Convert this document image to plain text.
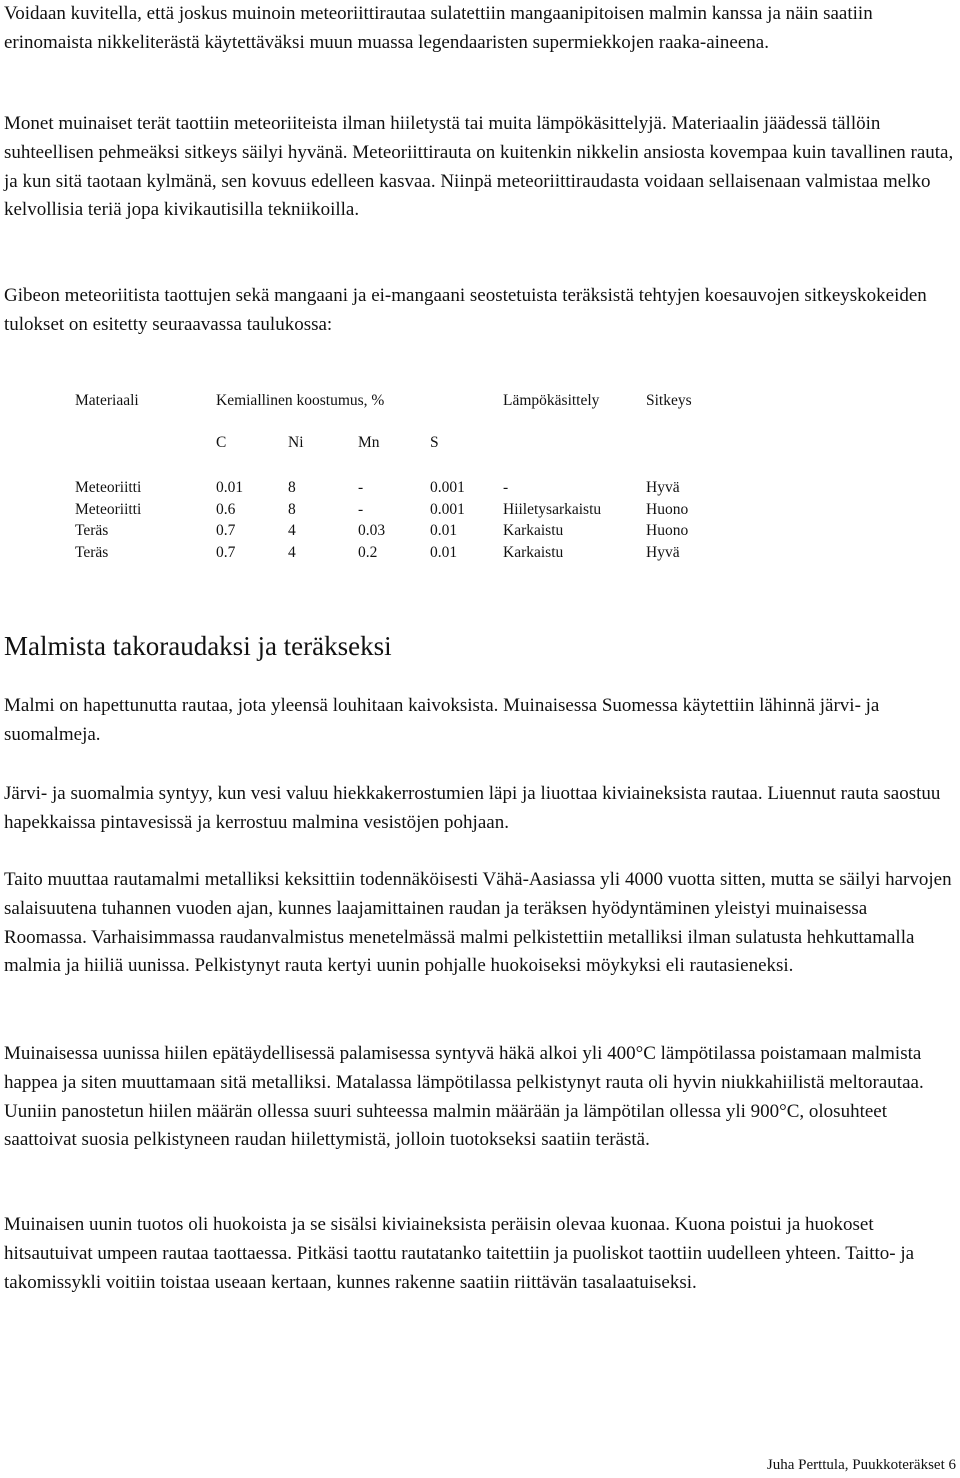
Voidaan kuvitella, että joskus muinoin meteoriittirautaa sulatettiin mangaanipitoisen malmin kanssa ja näin saatiin erinomaista nikkeliterästä käytettäväksi muun muassa legendaaristen supermiekkojen raaka-aineena.

Monet muinaiset terät taottiin meteoriiteista ilman hiiletystä tai muita lämpökäsittelyjä. Materiaalin jäädessä tällöin suhteellisen pehmeäksi sitkeys säilyi hyvänä. Meteoriittirauta on kuitenkin nikkelin ansiosta kovempaa kuin tavallinen rauta, ja kun sitä taotaan kylmänä, sen kovuus edelleen kasvaa. Niinpä meteoriittiraudasta voidaan sellaisenaan valmistaa melko kelvollisia teriä jopa kivikautisilla tekniikoilla.

Gibeon meteoriitista taottujen sekä mangaani ja ei-mangaani seostetuista teräksistä tehtyjen koesauvojen sitkeyskokeiden tulokset on esitetty seuraavassa taulukossa:

Materiaali	Kemiallinen koostumus, %				Lämpökäsittely	Sitkeys
	C	Ni	Mn	S		
Meteoriitti	0.01	8	-	0.001	-	Hyvä
Meteoriitti	0.6	8	-	0.001	Hiiletysarkaistu	Huono
Teräs	0.7	4	0.03	0.01	Karkaistu	Huono
Teräs	0.7	4	0.2	0.01	Karkaistu	Hyvä
Malmista takoraudaksi ja teräkseksi

Malmi on hapettunutta rautaa, jota yleensä louhitaan kaivoksista. Muinaisessa Suomessa käytettiin lähinnä järvi- ja suomalmeja.

Järvi- ja suomalmia syntyy, kun vesi valuu hiekkakerrostumien läpi ja liuottaa kiviaineksista rautaa. Liuennut rauta saostuu hapekkaissa pintavesissä ja kerrostuu malmina vesistöjen pohjaan.

Taito muuttaa rautamalmi metalliksi keksittiin todennäköisesti Vähä-Aasiassa yli 4000 vuotta sitten, mutta se säilyi harvojen salaisuutena tuhannen vuoden ajan, kunnes laajamittainen raudan ja teräksen hyödyntäminen yleistyi muinaisessa Roomassa. Varhaisimmassa raudanvalmistus menetelmässä malmi pelkistettiin metalliksi ilman sulatusta hehkuttamalla malmia ja hiiliä uunissa. Pelkistynyt rauta kertyi uunin pohjalle huokoiseksi möykyksi eli rautasieneksi.

Muinaisessa uunissa hiilen epätäydellisessä palamisessa syntyvä häkä alkoi yli 400°C lämpötilassa poistamaan malmista happea ja siten muuttamaan sitä metalliksi. Matalassa lämpötilassa pelkistynyt rauta oli hyvin niukkahiilistä meltorautaa. Uuniin panostetun hiilen määrän ollessa suuri suhteessa malmin määrään ja lämpötilan ollessa yli 900°C, olosuhteet saattoivat suosia pelkistyneen raudan hiilettymistä, jolloin tuotokseksi saatiin terästä.

Muinaisen uunin tuotos oli huokoista ja se sisälsi kiviaineksista peräisin olevaa kuonaa. Kuona poistui ja huokoset hitsautuivat umpeen rautaa taottaessa. Pitkäsi taottu rautatanko taitettiin ja puoliskot taottiin uudelleen yhteen. Taitto- ja takomissykli voitiin toistaa useaan kertaan, kunnes rakenne saatiin riittävän tasalaatuiseksi.

Juha Perttula, Puukkoteräkset 6
